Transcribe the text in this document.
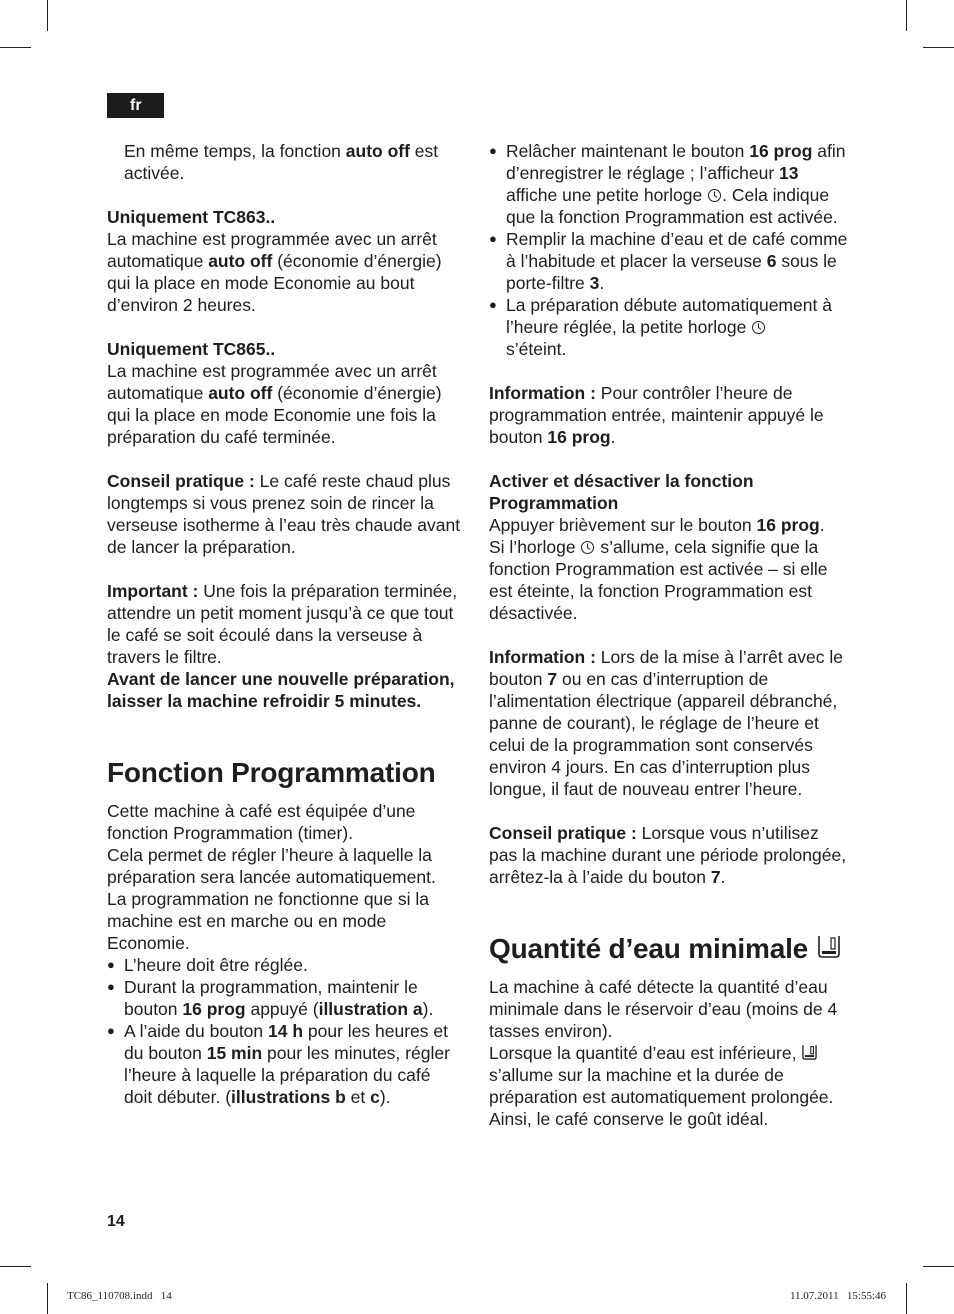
fr

En même temps, la fonction auto off est activée.

Uniquement TC863..
La machine est programmée avec un arrêt automatique auto off (économie d’énergie) qui la place en mode Economie au bout d’environ 2 heures.

Uniquement TC865..
La machine est programmée avec un arrêt automatique auto off (économie d’énergie) qui la place en mode Economie une fois la préparation du café terminée.

Conseil pratique : Le café reste chaud plus longtemps si vous prenez soin de rincer la verseuse isotherme à l’eau très chaude avant de lancer la préparation.

Important : Une fois la préparation terminée, attendre un petit moment jusqu’à ce que tout le café se soit écoulé dans la verseuse à travers le filtre.
Avant de lancer une nouvelle préparation, laisser la machine refroidir 5 minutes.

Fonction Programmation

Cette machine à café est équipée d’une fonction Programmation (timer).

Cela permet de régler l’heure à laquelle la préparation sera lancée automatiquement.

La programmation ne fonctionne que si la machine est en marche ou en mode Economie.

● L’heure doit être réglée.

● Durant la programmation, maintenir le bouton 16 prog appuyé (illustration a).

● A l’aide du bouton 14 h pour les heures et du bouton 15 min pour les minutes, régler l’heure à laquelle la préparation du café doit débuter. (illustrations b et c).

● Relâcher maintenant le bouton 16 prog afin d’enregistrer le réglage ; l’afficheur 13 affiche une petite horloge . Cela indique que la fonction Programmation est activée.

● Remplir la machine d’eau et de café comme à l’habitude et placer la verseuse 6 sous le porte-filtre 3.

● La préparation débute automatiquement à l’heure réglée, la petite horloge
s’éteint.

Information : Pour contrôler l’heure de programmation entrée, maintenir appuyé le bouton 16 prog.

Activer et désactiver la fonction Programmation
Appuyer brièvement sur le bouton 16 prog.
Si l’horloge  s’allume, cela signifie que la fonction Programmation est activée – si elle est éteinte, la fonction Programmation est désactivée.

Information : Lors de la mise à l’arrêt avec le bouton 7 ou en cas d’interruption de l’alimentation électrique (appareil débranché, panne de courant), le réglage de l’heure et celui de la programmation sont conservés environ 4 jours. En cas d’interruption plus longue, il faut de nouveau entrer l’heure.

Conseil pratique : Lorsque vous n’utilisez pas la machine durant une période prolongée, arrêtez-la à l’aide du bouton 7.

Quantité d’eau minimale

La machine à café détecte la quantité d’eau minimale dans le réservoir d’eau (moins de 4 tasses environ).

Lorsque la quantité d’eau est inférieure,  s’allume sur la machine et la durée de préparation est automatiquement prolongée.

Ainsi, le café conserve le goût idéal.

14
TC86_110708.indd   14	11.07.2011   15:55:46
